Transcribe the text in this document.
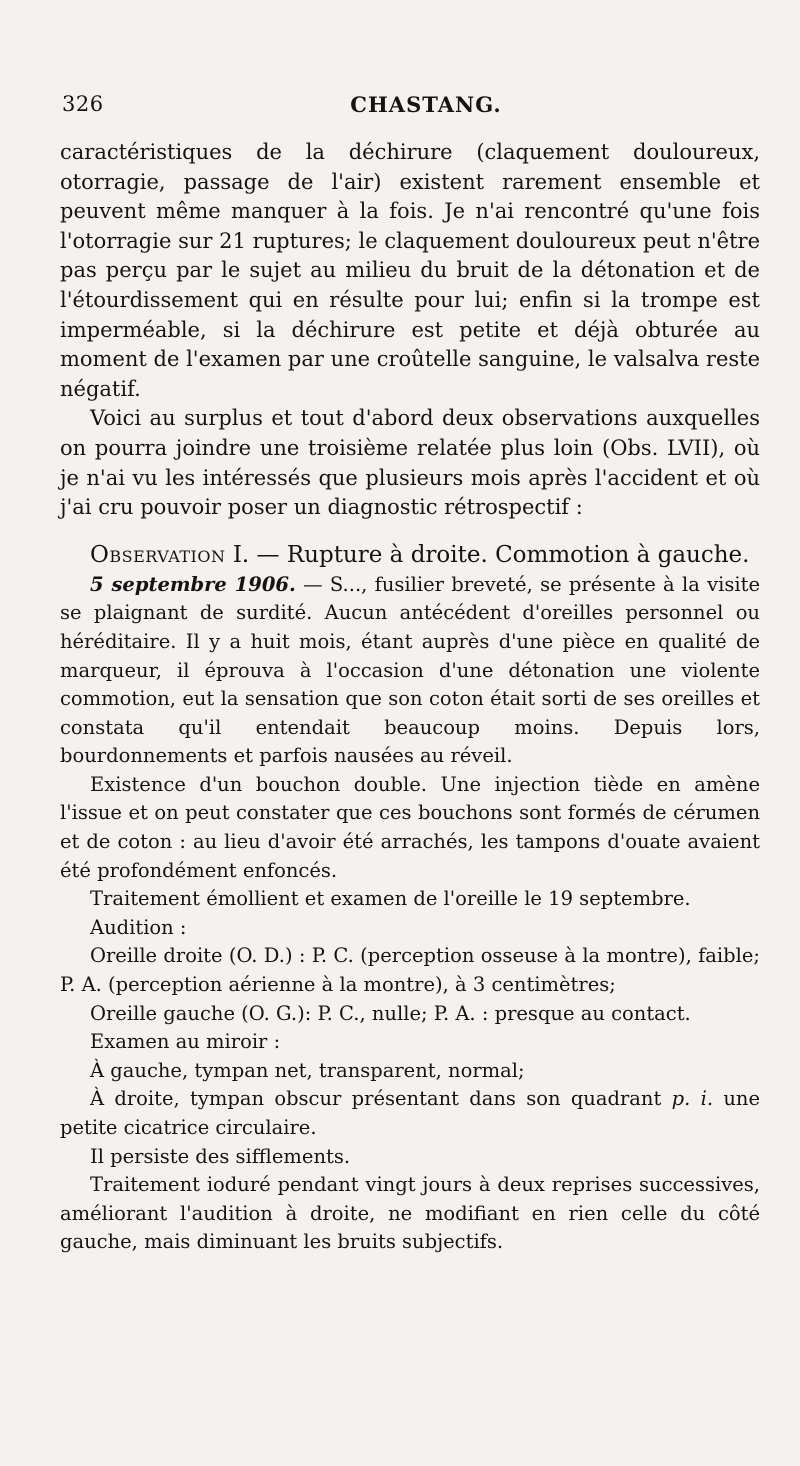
326	CHASTANG.

caractéristiques de la déchirure (claquement douloureux, otorragie, passage de l'air) existent rarement ensemble et peuvent même manquer à la fois. Je n'ai rencontré qu'une fois l'otorragie sur 21 ruptures; le claquement douloureux peut n'être pas perçu par le sujet au milieu du bruit de la détonation et de l'étourdissement qui en résulte pour lui; enfin si la trompe est imperméable, si la déchirure est petite et déjà obturée au moment de l'examen par une croûtelle sanguine, le valsalva reste négatif.

Voici au surplus et tout d'abord deux observations auxquelles on pourra joindre une troisième relatée plus loin (Obs. LVII), où je n'ai vu les intéressés que plusieurs mois après l'accident et où j'ai cru pouvoir poser un diagnostic rétrospectif :

Observation I. — Rupture à droite. Commotion à gauche.

5 septembre 1906. — S..., fusilier breveté, se présente à la visite se plaignant de surdité. Aucun antécédent d'oreilles personnel ou héréditaire. Il y a huit mois, étant auprès d'une pièce en qualité de marqueur, il éprouva à l'occasion d'une détonation une violente commotion, eut la sensation que son coton était sorti de ses oreilles et constata qu'il entendait beaucoup moins. Depuis lors, bourdonnements et parfois nausées au réveil.

Existence d'un bouchon double. Une injection tiède en amène l'issue et on peut constater que ces bouchons sont formés de cérumen et de coton : au lieu d'avoir été arrachés, les tampons d'ouate avaient été profondément enfoncés.

Traitement émollient et examen de l'oreille le 19 septembre.

Audition :

Oreille droite (O. D.) : P. C. (perception osseuse à la montre), faible; P. A. (perception aérienne à la montre), à 3 centimètres;

Oreille gauche (O. G.): P. C., nulle; P. A. : presque au contact.

Examen au miroir :

À gauche, tympan net, transparent, normal;

À droite, tympan obscur présentant dans son quadrant p. i. une petite cicatrice circulaire.

Il persiste des sifflements.

Traitement ioduré pendant vingt jours à deux reprises successives, améliorant l'audition à droite, ne modifiant en rien celle du côté gauche, mais diminuant les bruits subjectifs.
